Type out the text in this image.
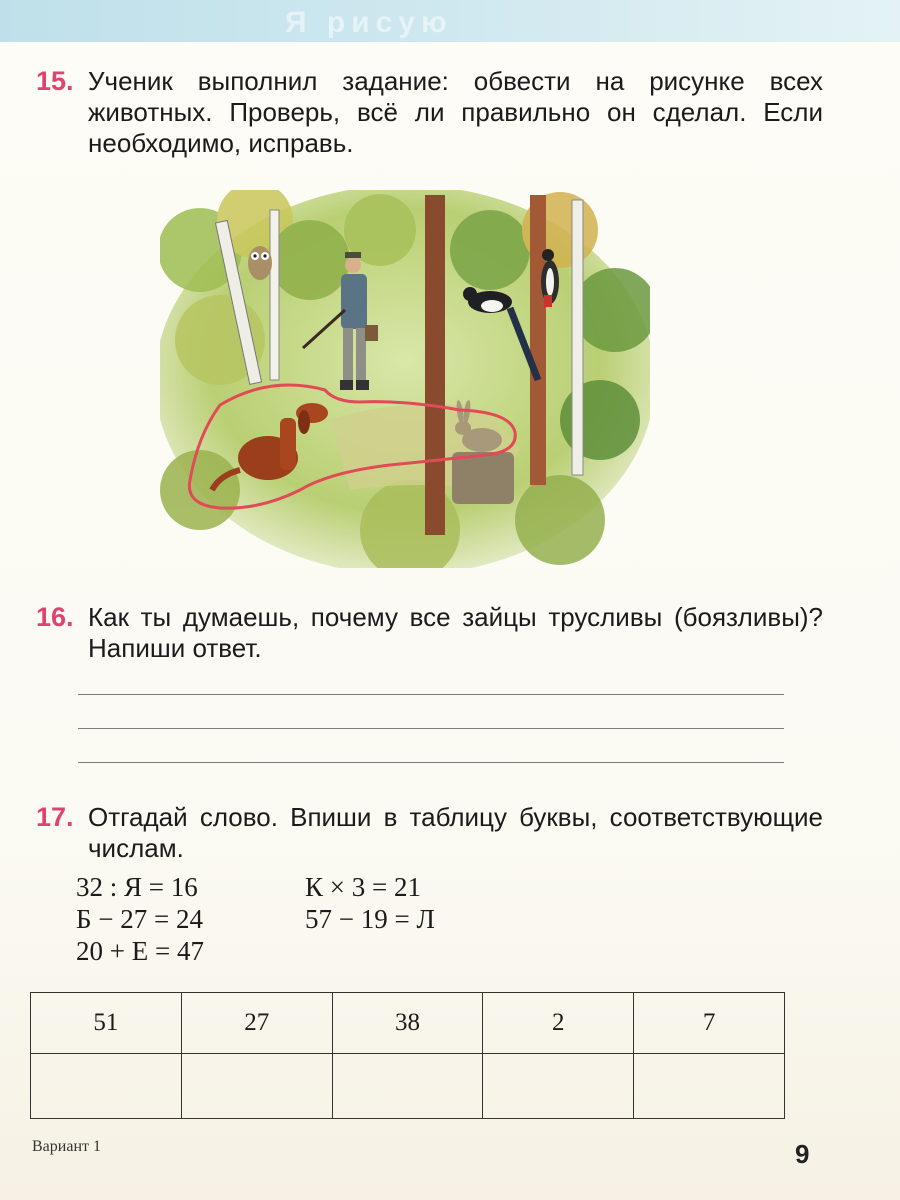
Я рисую
15. Ученик выполнил задание: обвести на рисунке всех животных. Проверь, всё ли правильно он сделал. Если необходимо, исправь.
16. Как ты думаешь, почему все зайцы трусливы (боязливы)? Напиши ответ.
17. Отгадай слово. Впиши в таблицу буквы, соответствующие числам.
32 : Я = 16
Б − 27 = 24
20 + Е = 47
К × 3 = 21
57 − 19 = Л
51	27	38	2	7

Вариант 1	9
